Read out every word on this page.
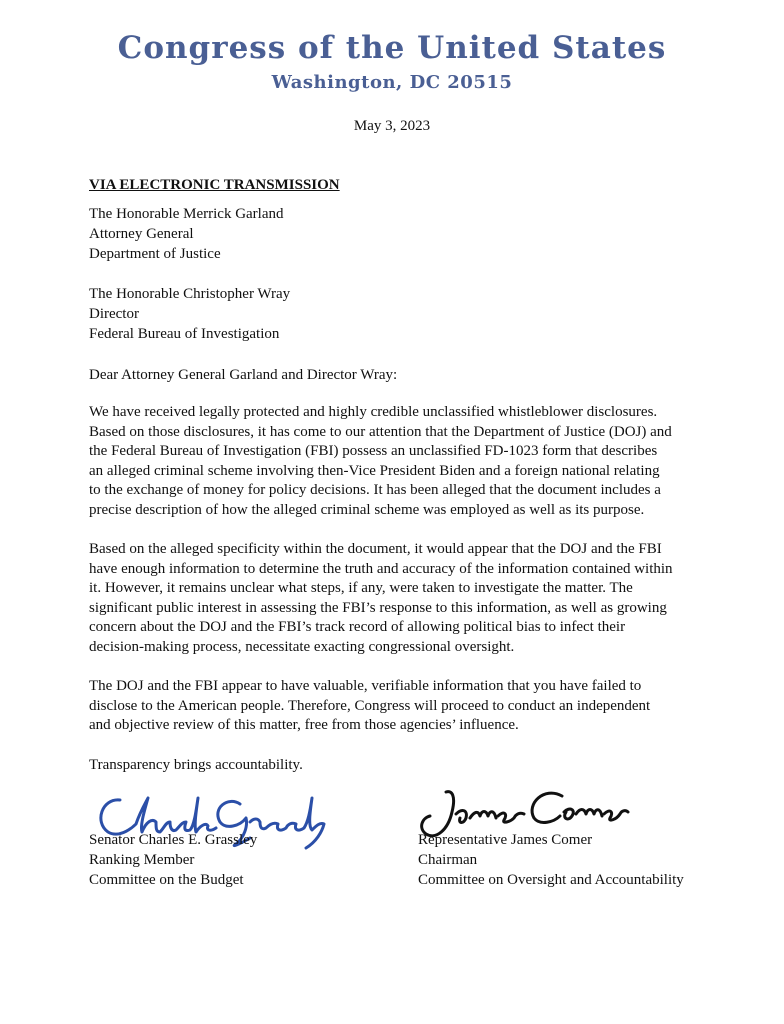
Congress of the United States
Washington, DC 20515
May 3, 2023
VIA ELECTRONIC TRANSMISSION
The Honorable Merrick Garland
Attorney General
Department of Justice
The Honorable Christopher Wray
Director
Federal Bureau of Investigation
Dear Attorney General Garland and Director Wray:
We have received legally protected and highly credible unclassified whistleblower disclosures.
Based on those disclosures, it has come to our attention that the Department of Justice (DOJ) and
the Federal Bureau of Investigation (FBI) possess an unclassified FD-1023 form that describes
an alleged criminal scheme involving then-Vice President Biden and a foreign national relating
to the exchange of money for policy decisions. It has been alleged that the document includes a
precise description of how the alleged criminal scheme was employed as well as its purpose.
Based on the alleged specificity within the document, it would appear that the DOJ and the FBI
have enough information to determine the truth and accuracy of the information contained within
it. However, it remains unclear what steps, if any, were taken to investigate the matter. The
significant public interest in assessing the FBI’s response to this information, as well as growing
concern about the DOJ and the FBI’s track record of allowing political bias to infect their
decision-making process, necessitate exacting congressional oversight.
The DOJ and the FBI appear to have valuable, verifiable information that you have failed to
disclose to the American people. Therefore, Congress will proceed to conduct an independent
and objective review of this matter, free from those agencies’ influence.
Transparency brings accountability.
Senator Charles E. Grassley
Ranking Member
Committee on the Budget
Representative James Comer
Chairman
Committee on Oversight and Accountability
